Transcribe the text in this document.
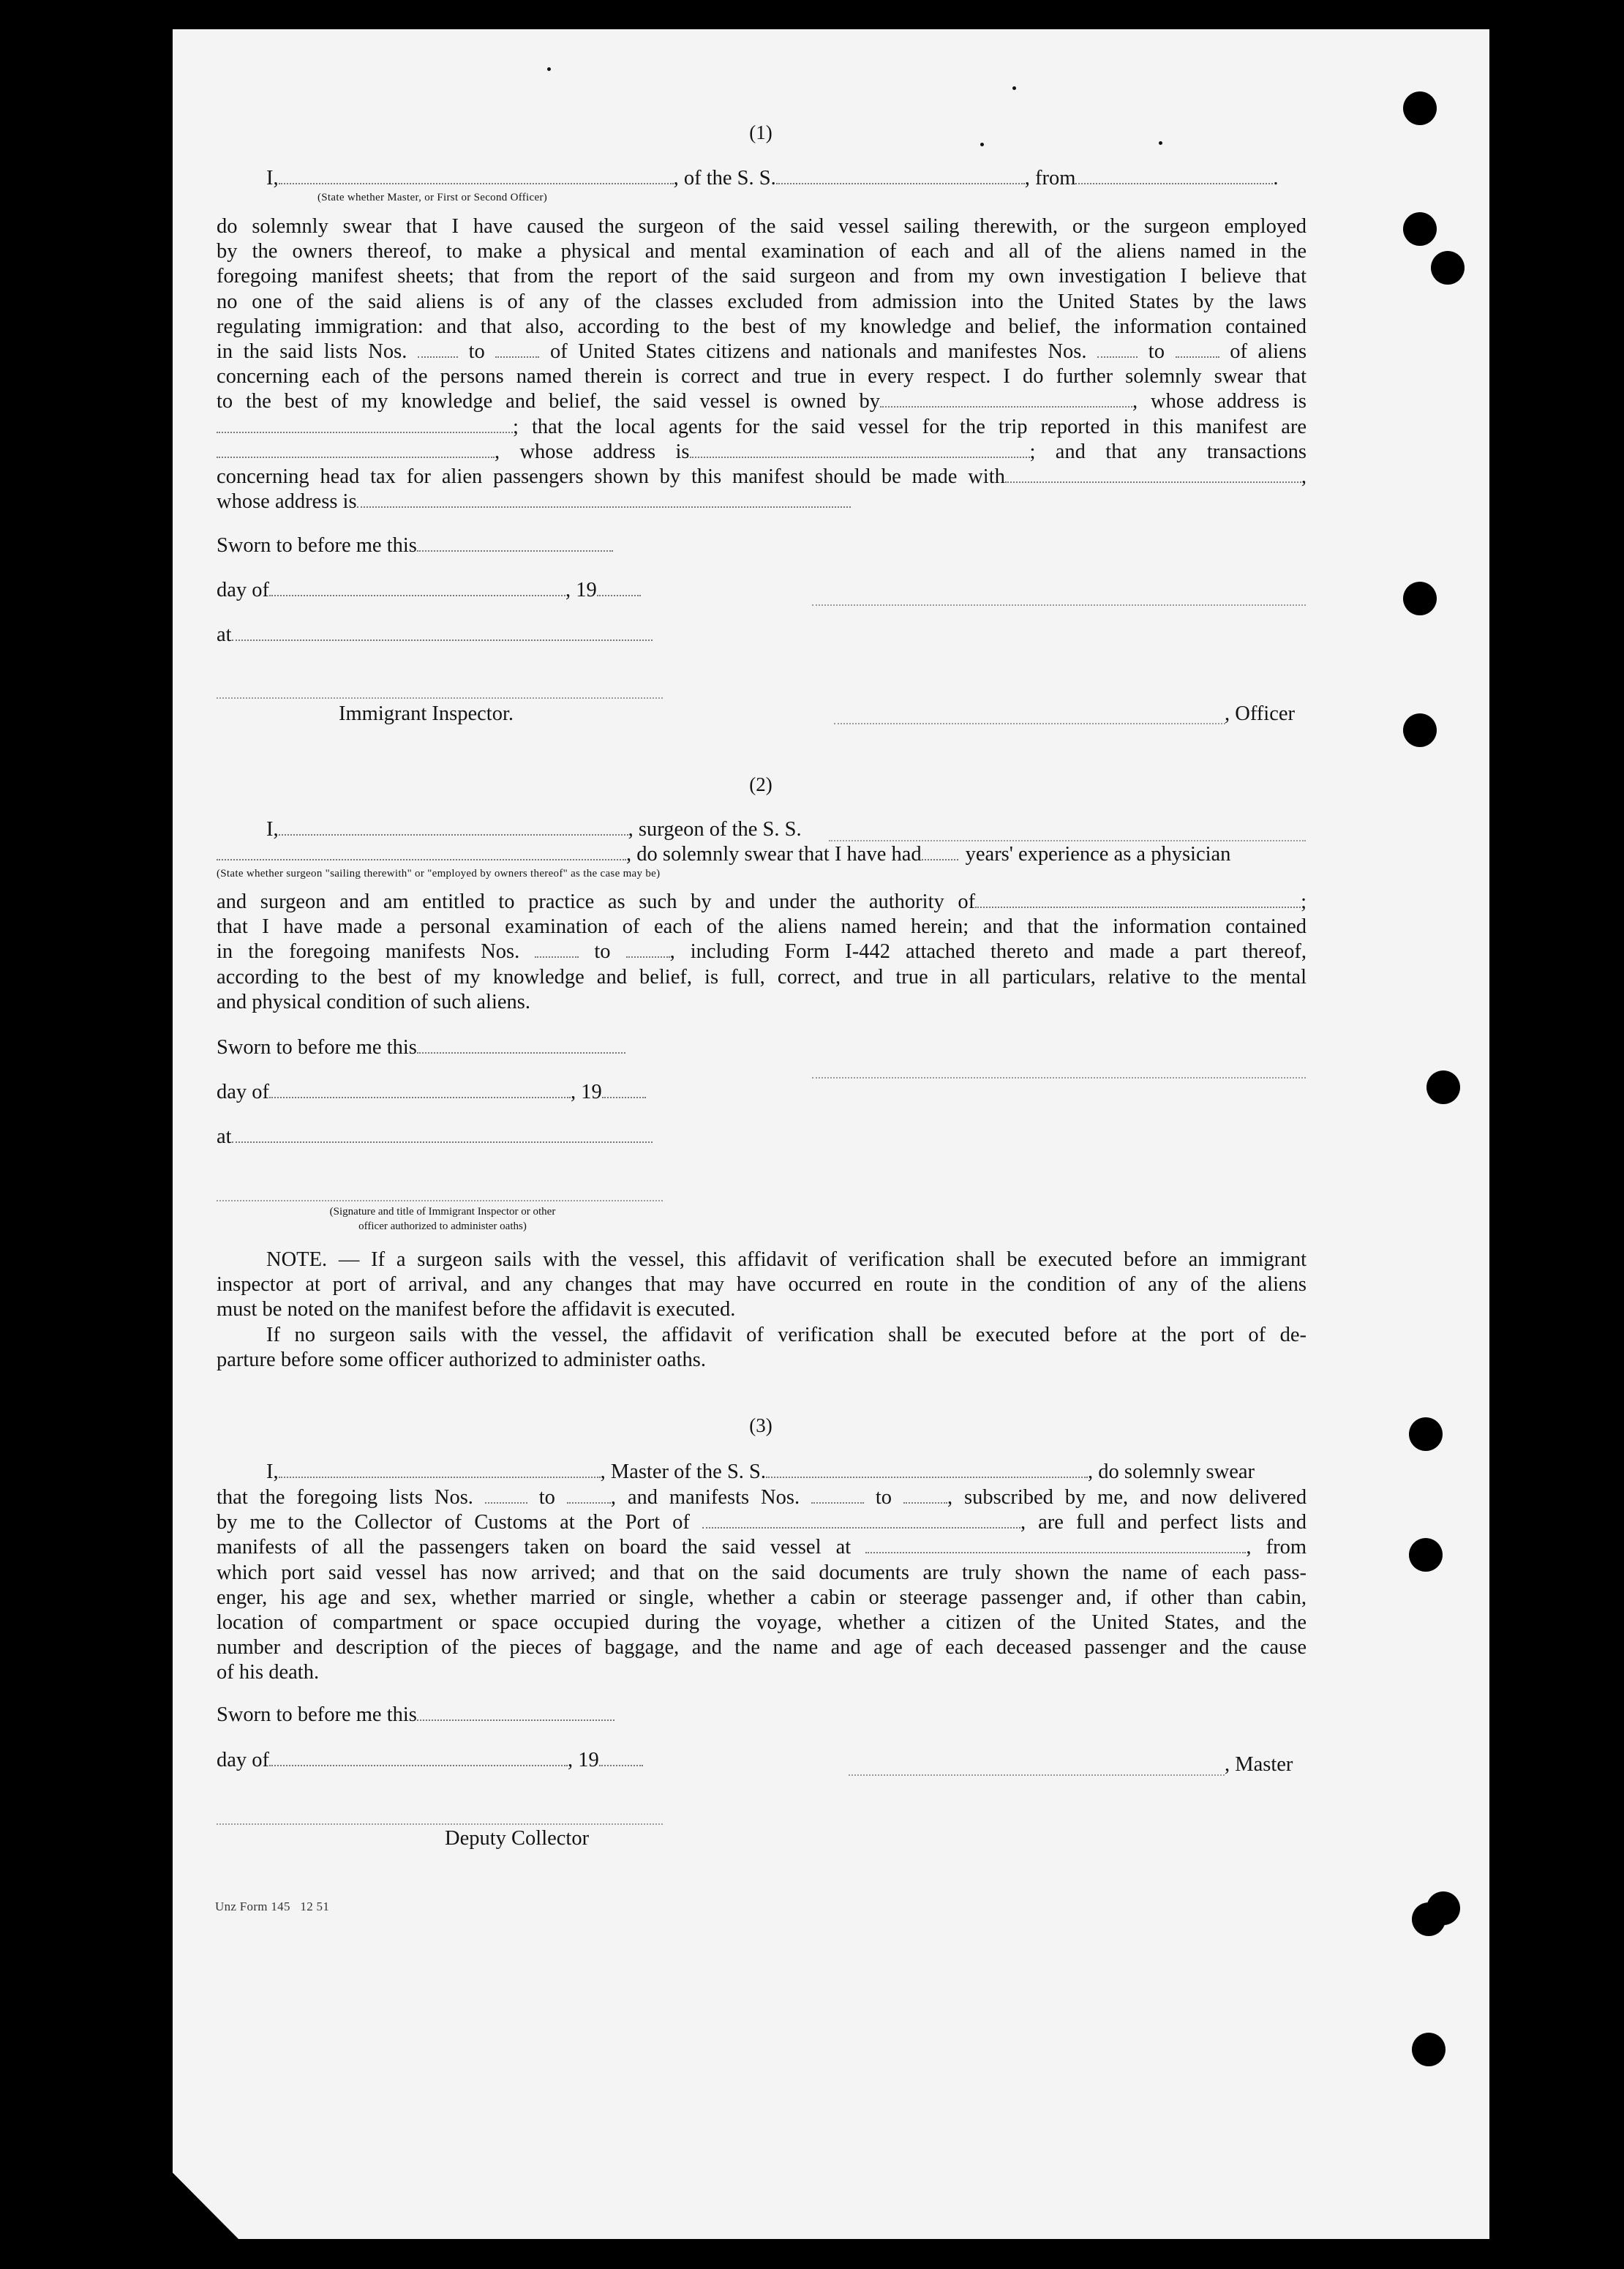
(1)
I,	, of the S. S.	, from	.
(State whether Master, or First or Second Officer)

do solemnly swear that I have caused the surgeon of the said vessel sailing therewith, or the surgeon employed

by the owners thereof, to make a physical and mental examination of each and all of the aliens named in the

foregoing manifest sheets; that from the report of the said surgeon and from my own investigation I believe that

no one of the said aliens is of any of the classes excluded from admission into the United States by the laws

regulating immigration: and that also, according to the best of my knowledge and belief, the information contained

in the said lists Nos.	to	of United States citizens and nationals and manifestes Nos.	to	of aliens

concerning each of the persons named therein is correct and true in every respect. I do further solemnly swear that

to the best of my knowledge and belief, the said vessel is owned by	, whose address is

; that the local agents for the said vessel for the trip reported in this manifest are

, whose address is	; and that any transactions

concerning head tax for alien passengers shown by this manifest should be made with	,

whose address is

Sworn to before me this
day of	, 19
at
Immigrant Inspector.	, Officer
(2)
I,	, surgeon of the S. S.
, do solemnly swear that I have had years' experience as a physician
(State whether surgeon "sailing therewith" or "employed by owners thereof" as the case may be)

and surgeon and am entitled to practice as such by and under the authority of	;

that I have made a personal examination of each of the aliens named herein; and that the information contained

in the foregoing manifests Nos.	to	, including Form I-442 attached thereto and made a part thereof,

according to the best of my knowledge and belief, is full, correct, and true in all particulars, relative to the mental

and physical condition of such aliens.

Sworn to before me this
day of	, 19
at
(Signature and title of Immigrant Inspector or other
officer authorized to administer oaths)

NOTE. — If a surgeon sails with the vessel, this affidavit of verification shall be executed before an immigrant

inspector at port of arrival, and any changes that may have occurred en route in the condition of any of the aliens

must be noted on the manifest before the affidavit is executed.

If no surgeon sails with the vessel, the affidavit of verification shall be executed before at the port of de-

parture before some officer authorized to administer oaths.

(3)
I,	, Master of the S. S.	, do solemnly swear

that the foregoing lists Nos.	to	, and manifests Nos.	to	, subscribed by me, and now delivered

by me to the Collector of Customs at the Port of	, are full and perfect lists and

manifests of all the passengers taken on board the said vessel at	, from

which port said vessel has now arrived; and that on the said documents are truly shown the name of each pass-

enger, his age and sex, whether married or single, whether a cabin or steerage passenger and, if other than cabin,

location of compartment or space occupied during the voyage, whether a citizen of the United States, and the

number and description of the pieces of baggage, and the name and age of each deceased passenger and the cause

of his death.

Sworn to before me this
day of	, 19	, Master
Deputy Collector
Unz Form 145   12 51
